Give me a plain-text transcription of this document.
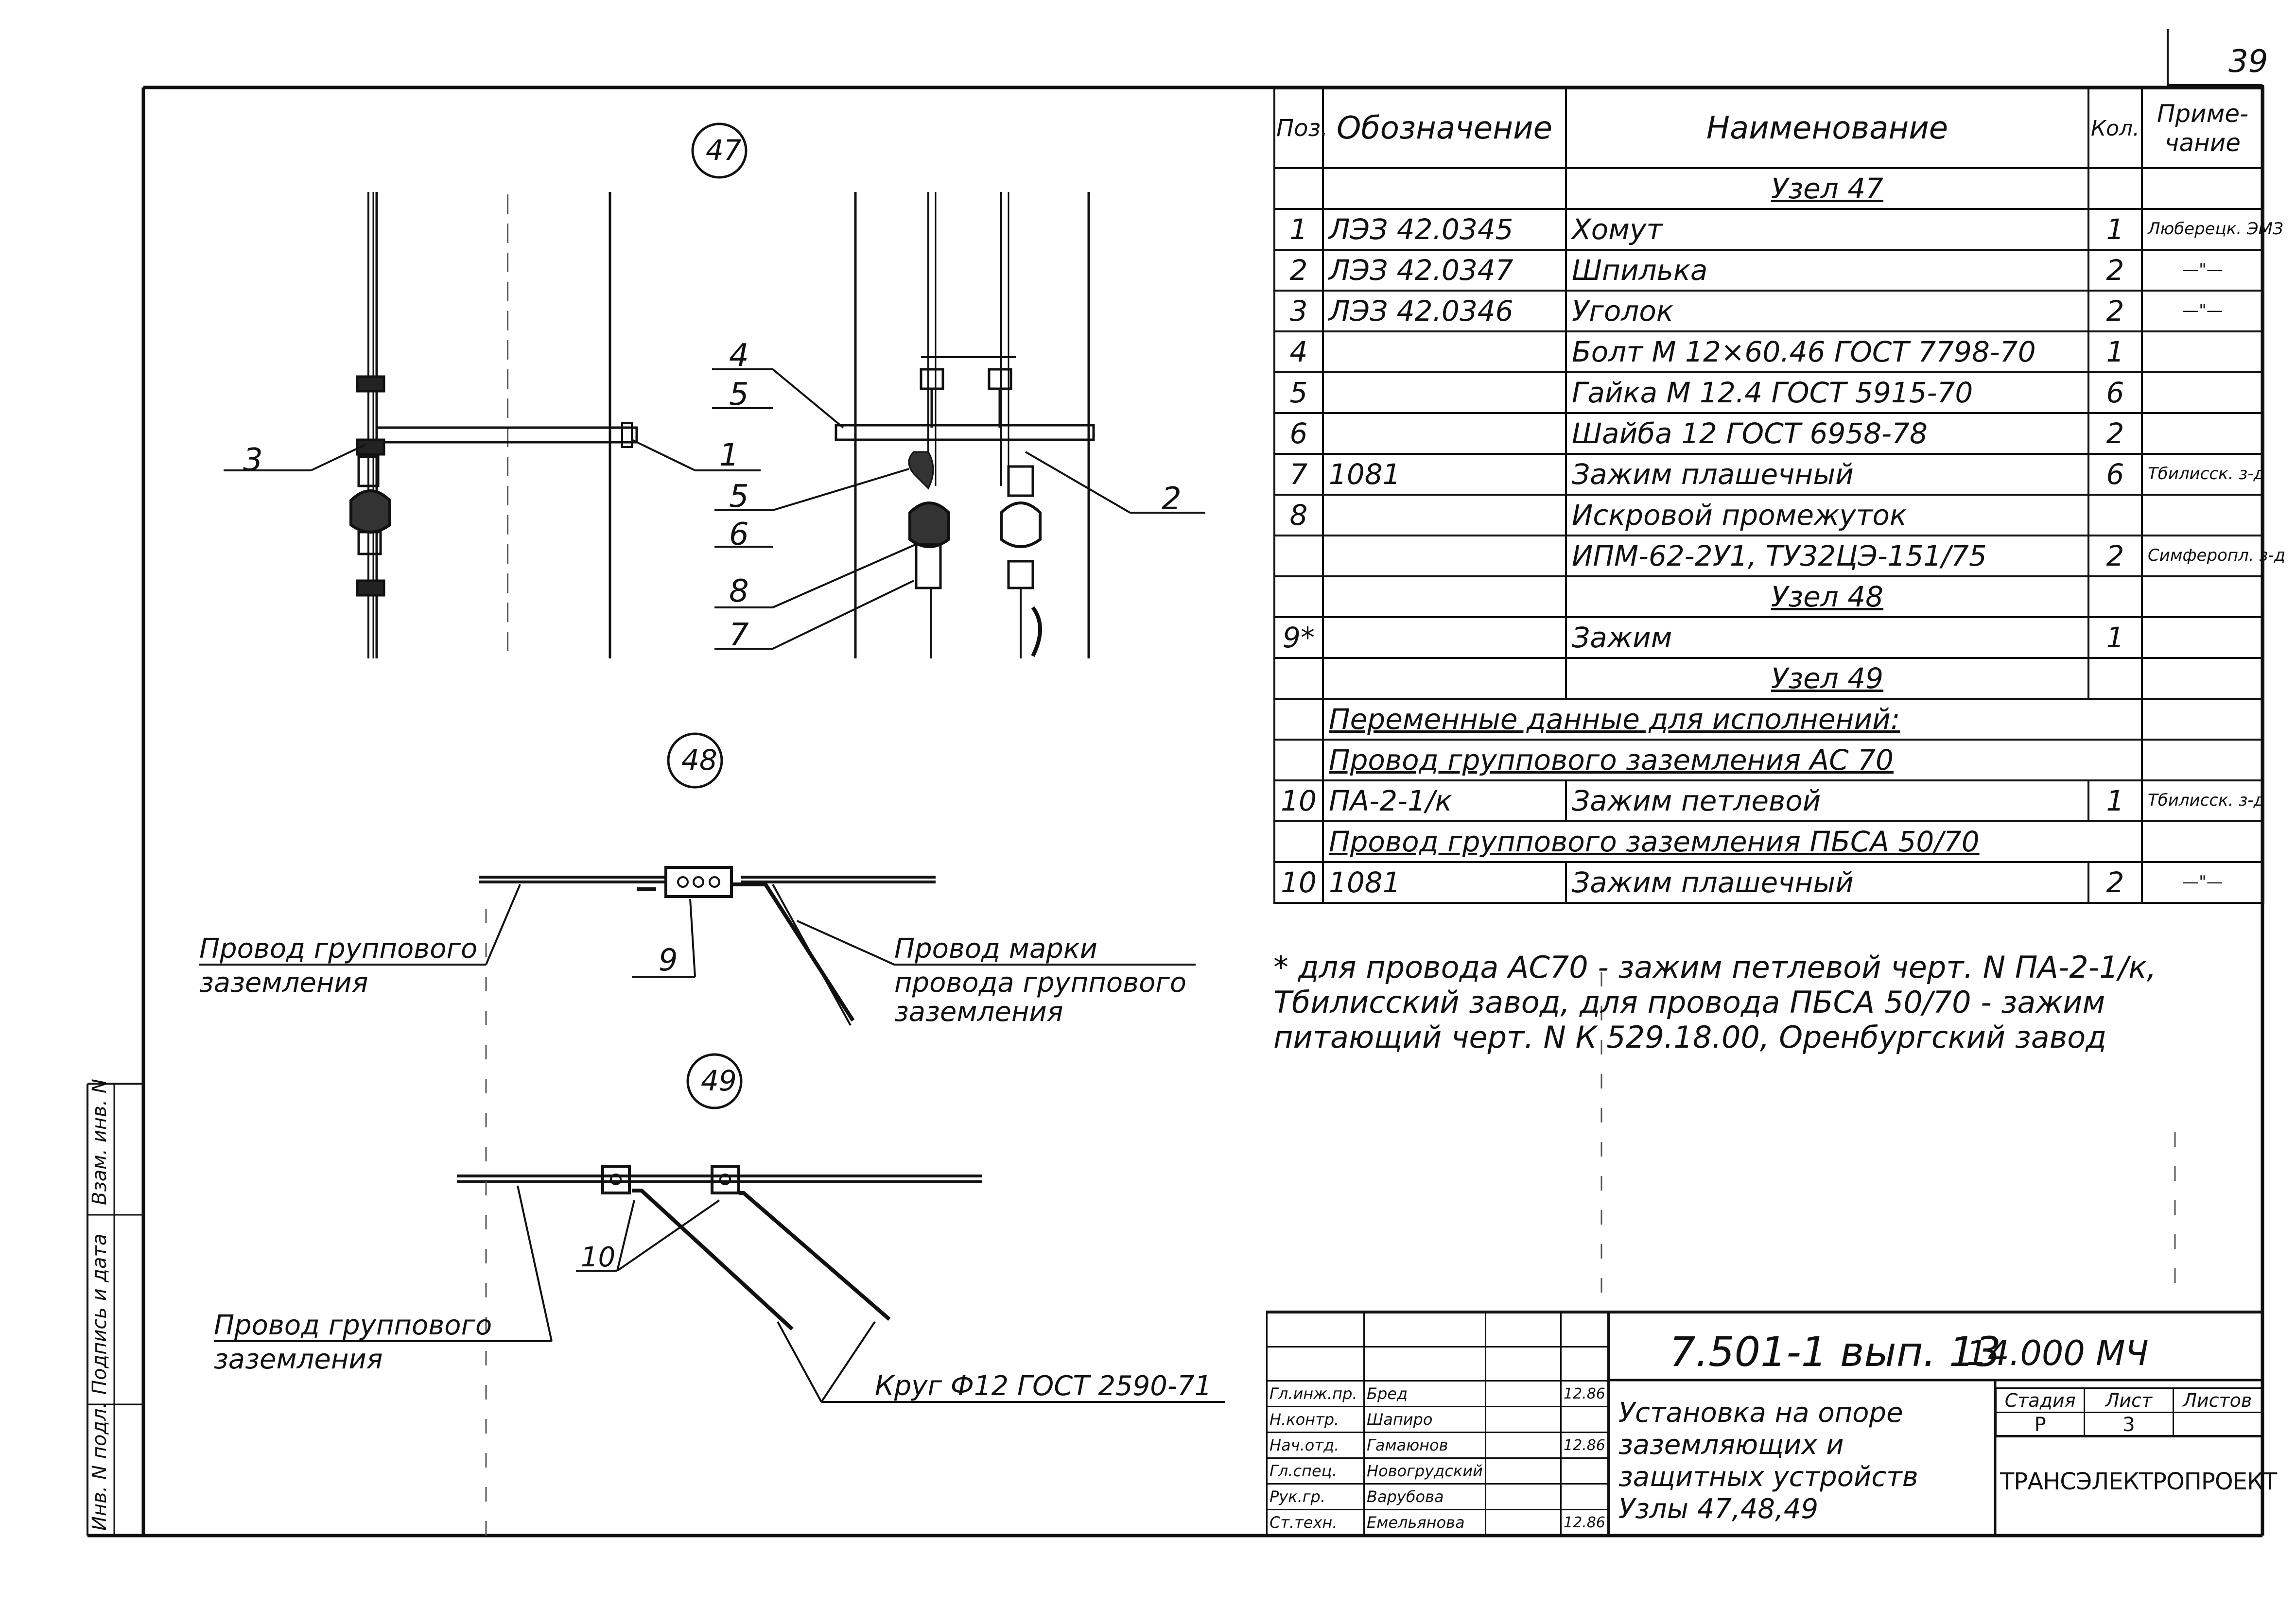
39
47
3	1
4
5
5
6
8
7
2
48
9
Провод группового
заземления
Провод марки
провода группового
заземления
49
10
Провод группового
заземления
Круг Ф12 ГОСТ 2590-71
Взам. инв. N
Подпись и дата
Инв. N подл.
Поз.	Обозначение	Наименование	Кол.	Приме-
чание
		Узел 47		
1	ЛЭЗ 42.0345	Хомут	1	Люберецк. ЭМЗ
2	ЛЭЗ 42.0347	Шпилька	2	—"—
3	ЛЭЗ 42.0346	Уголок	2	—"—
4		Болт М 12×60.46 ГОСТ 7798-70	1	
5		Гайка М 12.4 ГОСТ 5915-70	6	
6		Шайба 12 ГОСТ 6958-78	2	
7	1081	Зажим плашечный	6	Тбилисск. з-д
8		Искровой промежуток		
		ИПМ-62-2У1, ТУ32ЦЭ-151/75	2	Симферопл. з-д
		Узел 48		
9*		Зажим	1	
		Узел 49		
	Переменные данные для исполнений:			
	Провод группового заземления АС 70			
10	ПА-2-1/к	Зажим петлевой	1	Тбилисск. з-д
	Провод группового заземления ПБСА 50/70			
10	1081	Зажим плашечный	2	—"—
* для провода АС70 - зажим петлевой черт. N ПА-2-1/к, Тбилисский завод, для провода ПБСА 50/70 - зажим питающий черт. N К 529.18.00, Оренбургский завод

Гл.инж.пр.	Бред		12.86
Н.контр.	Шапиро		
Нач.отд.	Гамаюнов		12.86
Гл.спец.	Новогрудский		
Рук.гр.	Варубова		
Ст.техн.	Емельянова		12.86
7.501-1 вып. 13
14.000 МЧ
Установка на опоре заземляющих и защитных устройств Узлы 47,48,49
Стадия	Лист	Листов
Р	3	
ТРАНСЭЛЕКТРОПРОЕКТ
